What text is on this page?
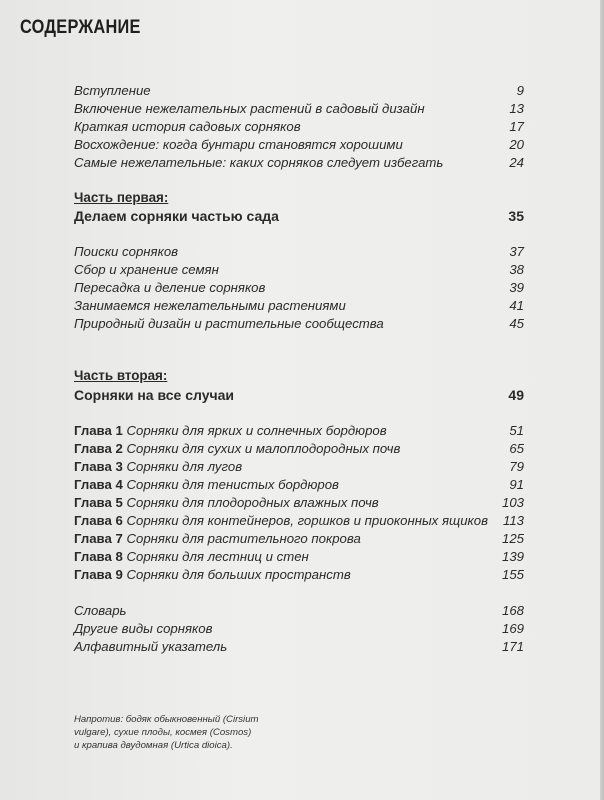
СОДЕРЖАНИЕ
Вступление	9
Включение нежелательных растений в садовый дизайн	13
Краткая история садовых сорняков	17
Восхождение: когда бунтари становятся хорошими	20
Самые нежелательные: каких сорняков следует избегать	24
Часть первая:
Делаем сорняки частью сада	35
Поиски сорняков	37
Сбор и хранение семян	38
Пересадка и деление сорняков	39
Занимаемся нежелательными растениями	41
Природный дизайн и растительные сообщества	45
Часть вторая:
Сорняки на все случаи	49
Глава 1 Сорняки для ярких и солнечных бордюров	51
Глава 2 Сорняки для сухих и малоплодородных почв	65
Глава 3 Сорняки для лугов	79
Глава 4 Сорняки для тенистых бордюров	91
Глава 5 Сорняки для плодородных влажных почв	103
Глава 6 Сорняки для контейнеров, горшков и приоконных ящиков 113
Глава 7 Сорняки для растительного покрова	125
Глава 8 Сорняки для лестниц и стен	139
Глава 9 Сорняки для больших пространств	155
Словарь	168
Другие виды сорняков	169
Алфавитный указатель	171
Напротив: бодяк обыкновенный (Cirsium
vulgare), сухие плоды, космея (Cosmos)
и крапива двудомная (Urtica dioica).
